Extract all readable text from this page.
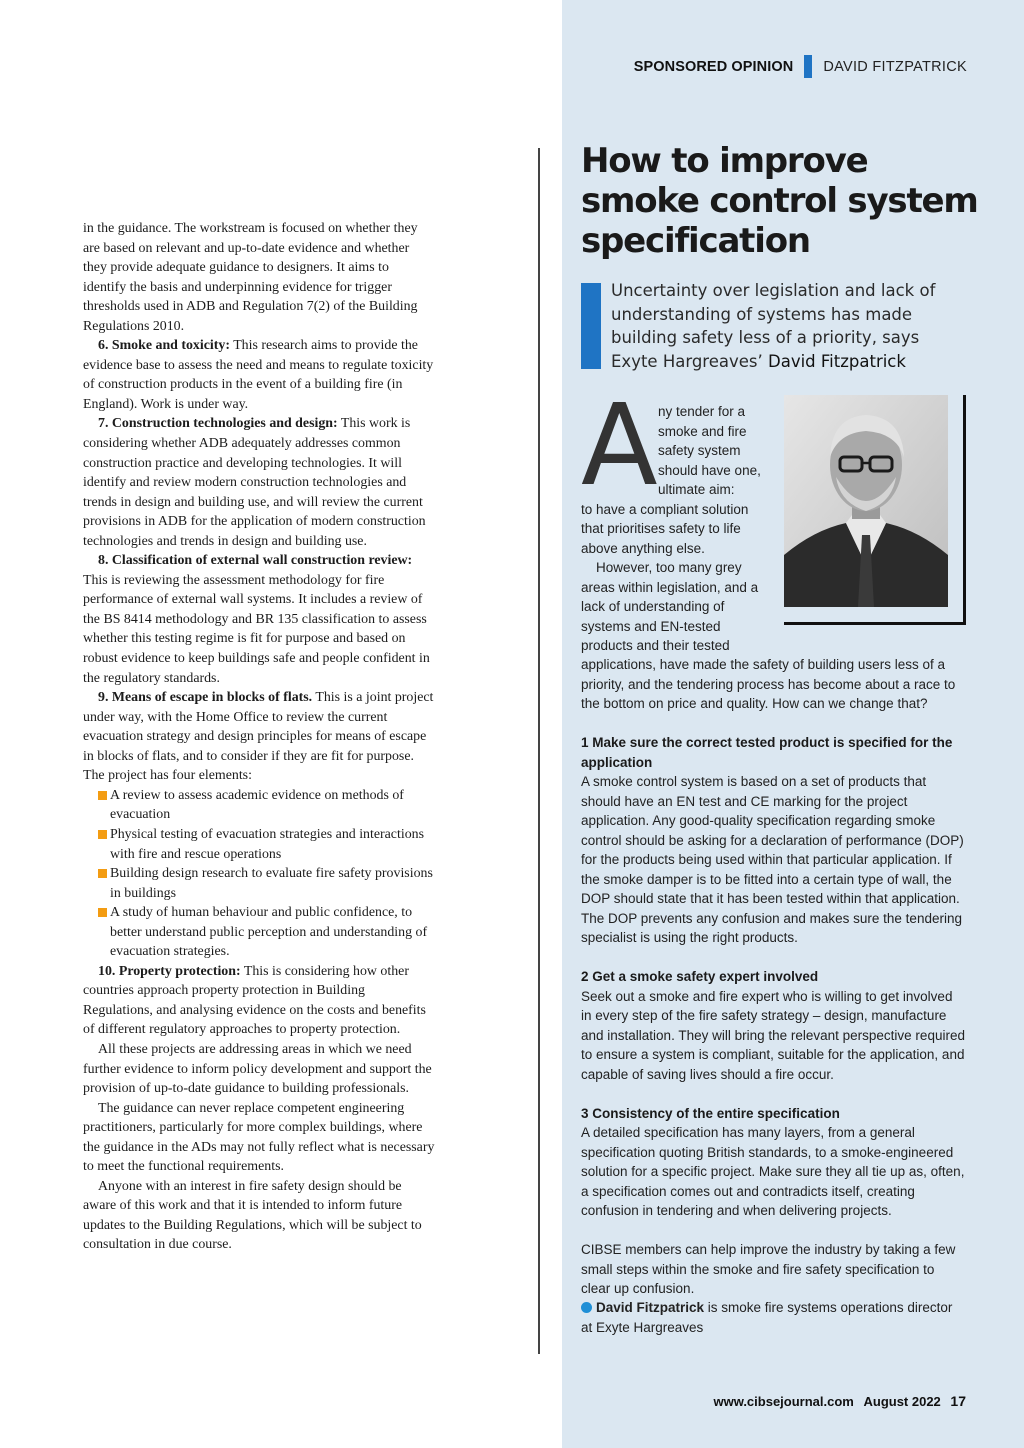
SPONSORED OPINION DAVID FITZPATRICK

in the guidance. The workstream is focused on whether they are based on relevant and up-to-date evidence and whether they provide adequate guidance to designers. It aims to identify the basis and underpinning evidence for trigger thresholds used in ADB and Regulation 7(2) of the Building Regulations 2010.

6. Smoke and toxicity: This research aims to provide the evidence base to assess the need and means to regulate toxicity of construction products in the event of a building fire (in England). Work is under way.

7. Construction technologies and design: This work is considering whether ADB adequately addresses common construction practice and developing technologies. It will identify and review modern construction technologies and trends in design and building use, and will review the current provisions in ADB for the application of modern construction technologies and trends in design and building use.

8. Classification of external wall construction review: This is reviewing the assessment methodology for fire performance of external wall systems. It includes a review of the BS 8414 methodology and BR 135 classification to assess whether this testing regime is fit for purpose and based on robust evidence to keep buildings safe and people confident in the regulatory standards.

9. Means of escape in blocks of flats. This is a joint project under way, with the Home Office to review the current evacuation strategy and design principles for means of escape in blocks of flats, and to consider if they are fit for purpose. The project has four elements:

A review to assess academic evidence on methods of evacuation
Physical testing of evacuation strategies and interactions with fire and rescue operations
Building design research to evaluate fire safety provisions in buildings
A study of human behaviour and public confidence, to better understand public perception and understanding of evacuation strategies.

10. Property protection: This is considering how other countries approach property protection in Building Regulations, and analysing evidence on the costs and benefits of different regulatory approaches to property protection.

All these projects are addressing areas in which we need further evidence to inform policy development and support the provision of up-to-date guidance to building professionals.

The guidance can never replace competent engineering practitioners, particularly for more complex buildings, where the guidance in the ADs may not fully reflect what is necessary to meet the functional requirements.

Anyone with an interest in fire safety design should be aware of this work and that it is intended to inform future updates to the Building Regulations, which will be subject to consultation in due course.

How to improve smoke control system specification
Uncertainty over legislation and lack of understanding of systems has made building safety less of a priority, says Exyte Hargreaves’ David Fitzpatrick
A ny tender for a smoke and fire safety system should have one, ultimate aim:

to have a compliant solution that prioritises safety to life above anything else.

However, too many grey areas within legislation, and a lack of understanding of systems and EN-tested products and their tested

applications, have made the safety of building users less of a priority, and the tendering process has become about a race to the bottom on price and quality. How can we change that?

1 Make sure the correct tested product is specified for the application

A smoke control system is based on a set of products that should have an EN test and CE marking for the project application. Any good-quality specification regarding smoke control should be asking for a declaration of performance (DOP) for the products being used within that particular application. If the smoke damper is to be fitted into a certain type of wall, the DOP should state that it has been tested within that application. The DOP prevents any confusion and makes sure the tendering specialist is using the right products.

2 Get a smoke safety expert involved

Seek out a smoke and fire expert who is willing to get involved in every step of the fire safety strategy – design, manufacture and installation. They will bring the relevant perspective required to ensure a system is compliant, suitable for the application, and capable of saving lives should a fire occur.

3 Consistency of the entire specification

A detailed specification has many layers, from a general specification quoting British standards, to a smoke-engineered solution for a specific project. Make sure they all tie up as, often, a specification comes out and contradicts itself, creating confusion in tendering and when delivering projects.

CIBSE members can help improve the industry by taking a few small steps within the smoke and fire safety specification to clear up confusion.

David Fitzpatrick is smoke fire systems operations director at Exyte Hargreaves
www.cibsejournal.com August 2022 17
